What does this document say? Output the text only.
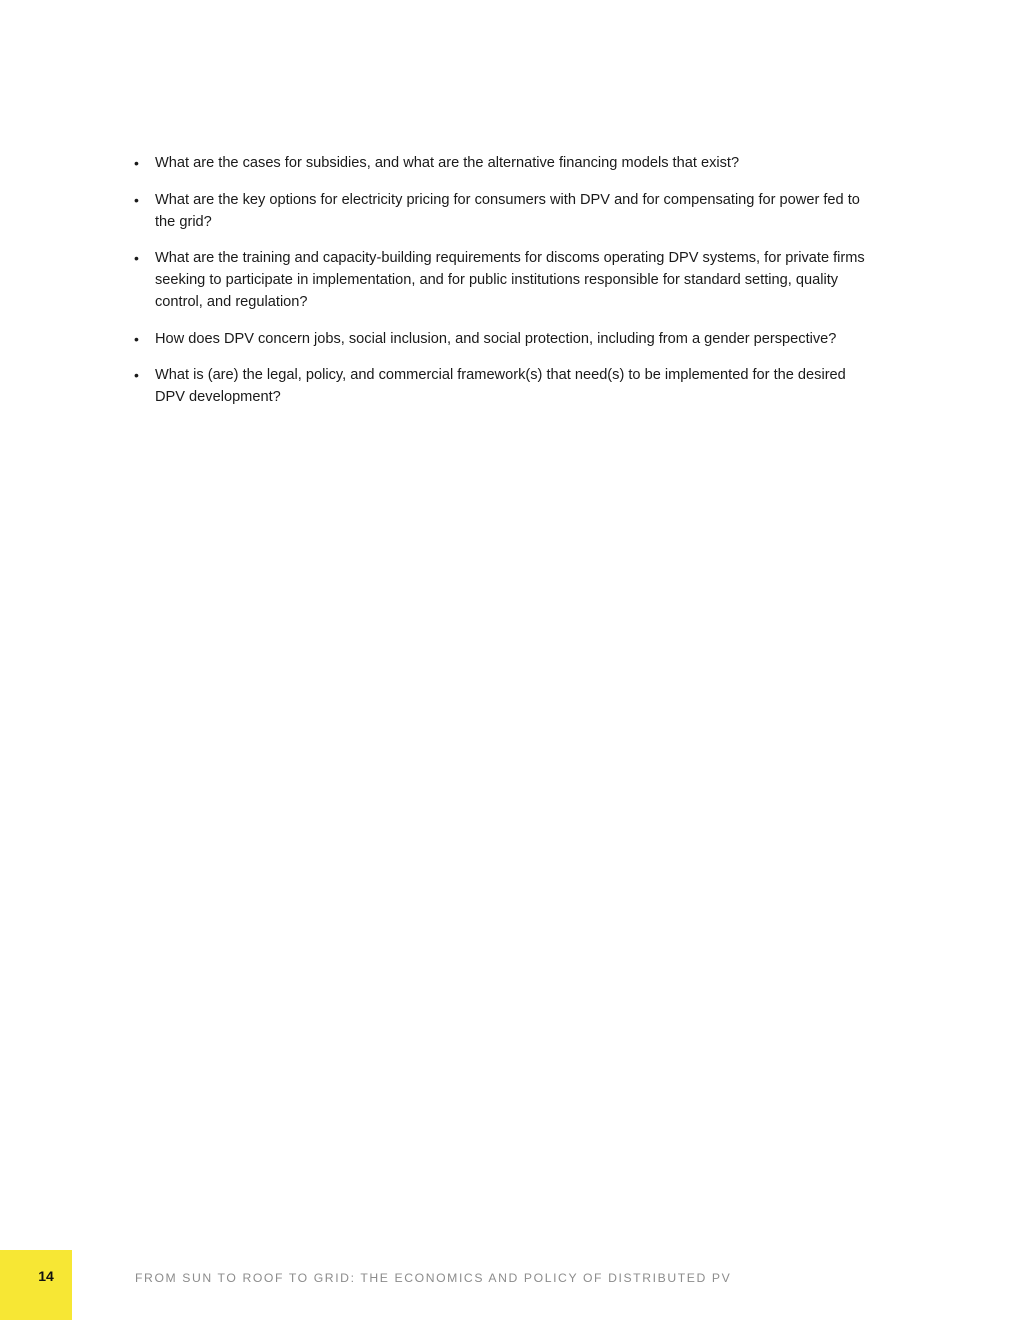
• What are the cases for subsidies, and what are the alternative financing models that exist?
• What are the key options for electricity pricing for consumers with DPV and for compensating for power fed to the grid?
• What are the training and capacity-building requirements for discoms operating DPV systems, for private firms seeking to participate in implementation, and for public institutions responsible for standard setting, quality control, and regulation?
• How does DPV concern jobs, social inclusion, and social protection, including from a gender perspective?
• What is (are) the legal, policy, and commercial framework(s) that need(s) to be implemented for the desired DPV development?
14	FROM SUN TO ROOF TO GRID: THE ECONOMICS AND POLICY OF DISTRIBUTED PV
